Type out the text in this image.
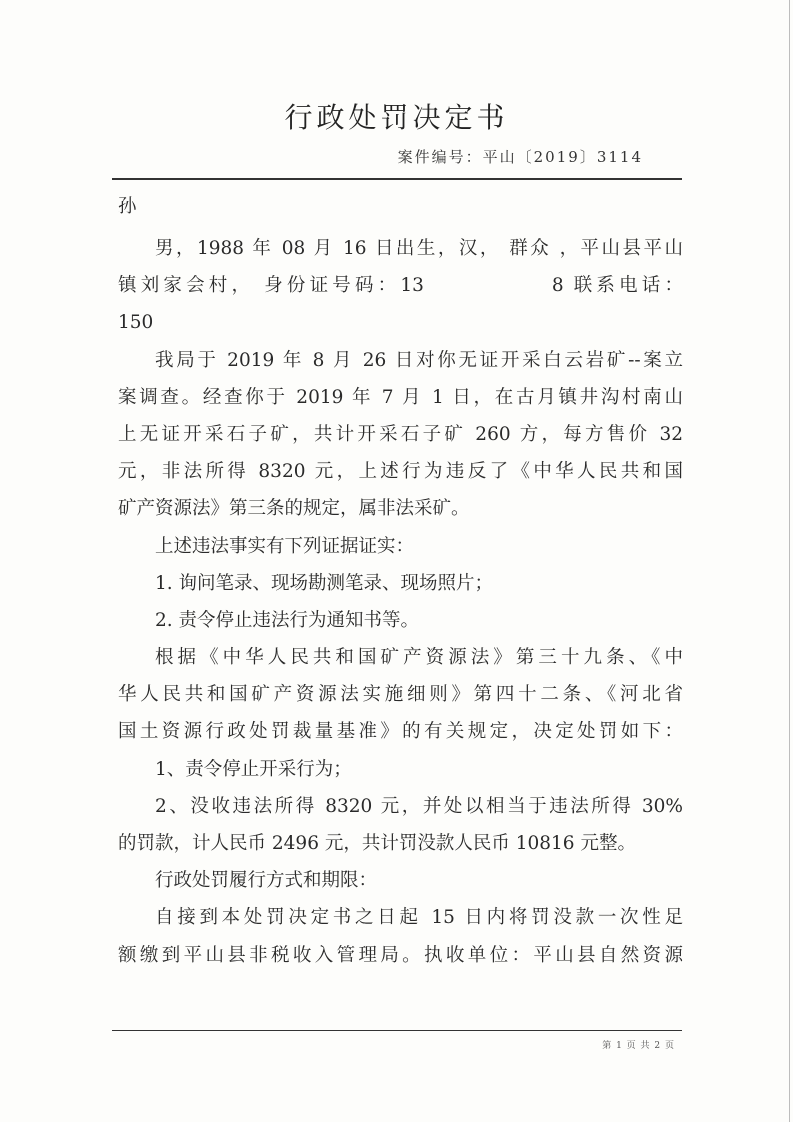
行政处罚决定书
案件编号：平山〔2019〕3114
孙
男，1988 年 08 月 16 日出生，汉， 群众 ，平山县平山
镇刘家会村， 身份证号码：13	8 联系电话：
150
我局于 2019 年 8 月 26 日对你无证开采白云岩矿--案立
案调查。经查你于 2019 年 7 月 1 日，在古月镇井沟村南山
上无证开采石子矿，共计开采石子矿 260 方，每方售价 32
元，非法所得 8320 元，上述行为违反了《中华人民共和国
矿产资源法》第三条的规定，属非法采矿。
上述违法事实有下列证据证实：
1. 询问笔录、现场勘测笔录、现场照片；
2. 责令停止违法行为通知书等。
根据《中华人民共和国矿产资源法》第三十九条、《中
华人民共和国矿产资源法实施细则》第四十二条、《河北省
国土资源行政处罚裁量基准》的有关规定，决定处罚如下：
1、责令停止开采行为；
2、没收违法所得 8320 元，并处以相当于违法所得 30%
的罚款，计人民币 2496 元，共计罚没款人民币 10816 元整。
行政处罚履行方式和期限：
自接到本处罚决定书之日起 15 日内将罚没款一次性足
额缴到平山县非税收入管理局。执收单位：平山县自然资源
第 1 页 共 2 页
